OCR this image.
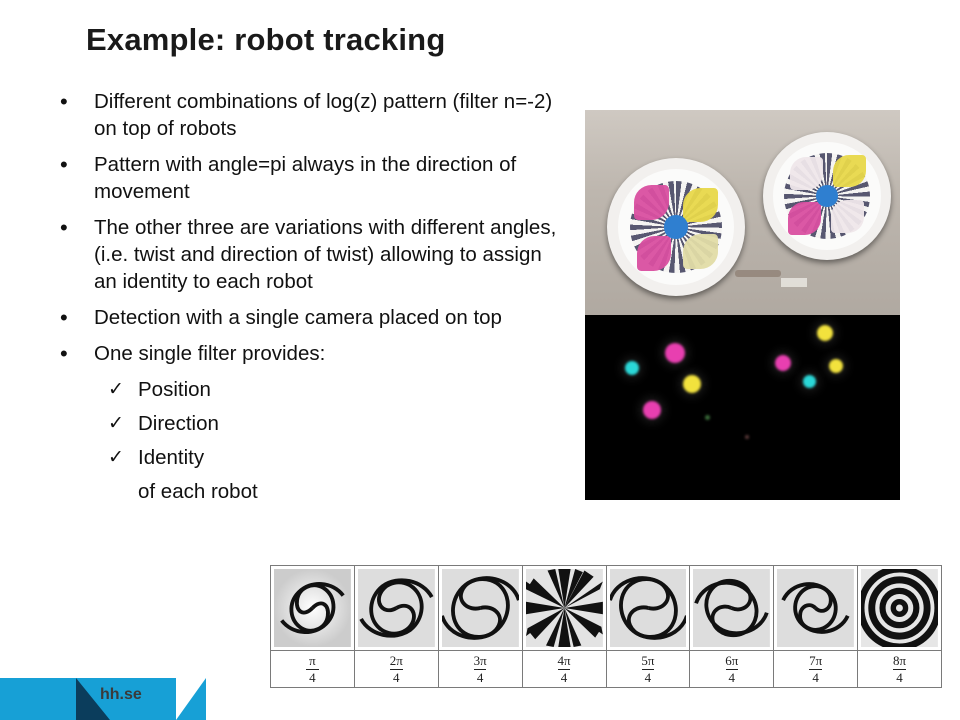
Example: robot tracking
• Different combinations of log(z) pattern (filter n=-2) on top of robots
• Pattern with angle=pi always in the direction of movement
• The other three are variations with different angles, (i.e. twist and direction of twist) allowing to assign an identity to each robot
• Detection with a single camera placed on top
• One single filter provides:
✓ Position
✓ Direction
✓ Identity
of each robot
$\frac{\pi}{4}$	$\frac{2\pi}{4}$	$\frac{3\pi}{4}$	$\frac{4\pi}{4}$	$\frac{5\pi}{4}$	$\frac{6\pi}{4}$	$\frac{7\pi}{4}$	$\frac{8\pi}{4}$
hh.se
